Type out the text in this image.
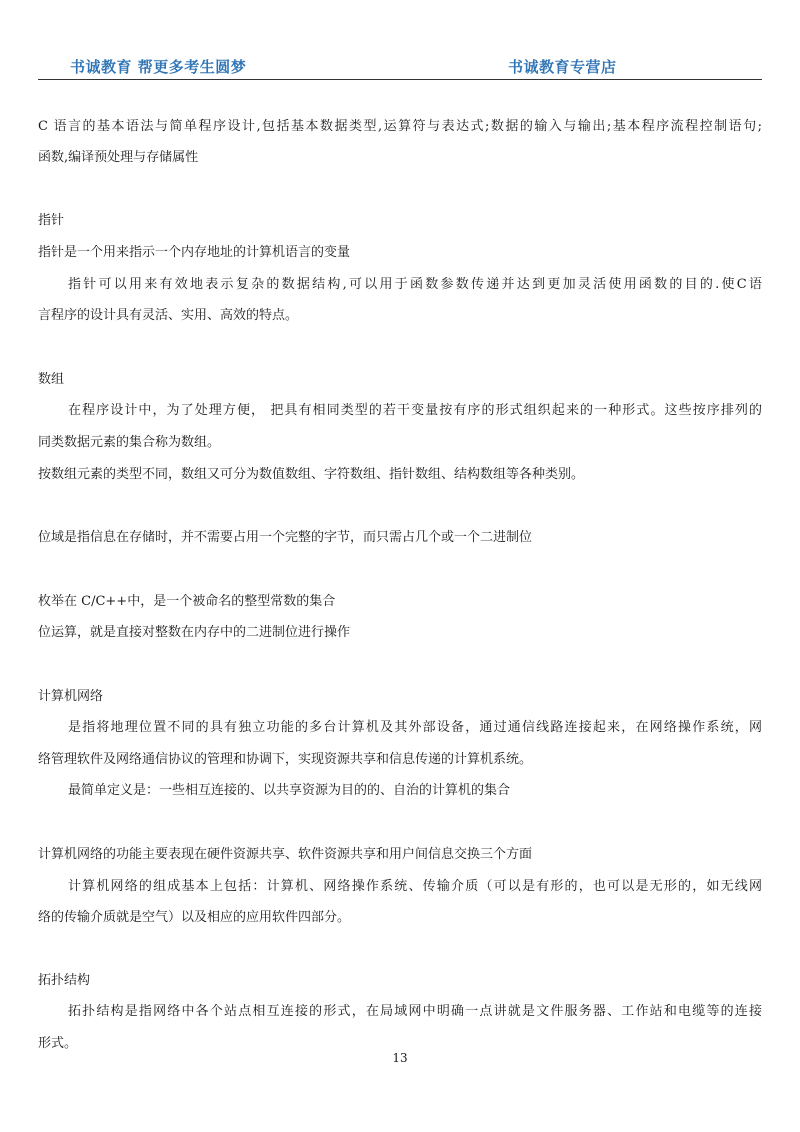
书诚教育 帮更多考生圆梦	书诚教育专营店
C 语言的基本语法与简单程序设计,包括基本数据类型,运算符与表达式;数据的输入与输出;基本程序流程控制语句;
函数,编译预处理与存储属性
指针
指针是一个用来指示一个内存地址的计算机语言的变量
指针可以用来有效地表示复杂的数据结构,可以用于函数参数传递并达到更加灵活使用函数的目的.使C语
言程序的设计具有灵活、实用、高效的特点。
数组
在程序设计中，为了处理方便， 把具有相同类型的若干变量按有序的形式组织起来的一种形式。这些按序排列的
同类数据元素的集合称为数组。
按数组元素的类型不同，数组又可分为数值数组、字符数组、指针数组、结构数组等各种类别。
位域是指信息在存储时，并不需要占用一个完整的字节，而只需占几个或一个二进制位
枚举在 C/C++中，是一个被命名的整型常数的集合
位运算，就是直接对整数在内存中的二进制位进行操作
计算机网络
是指将地理位置不同的具有独立功能的多台计算机及其外部设备，通过通信线路连接起来，在网络操作系统，网
络管理软件及网络通信协议的管理和协调下，实现资源共享和信息传递的计算机系统。
最简单定义是：一些相互连接的、以共享资源为目的的、自治的计算机的集合
计算机网络的功能主要表现在硬件资源共享、软件资源共享和用户间信息交换三个方面
计算机网络的组成基本上包括：计算机、网络操作系统、传输介质（可以是有形的，也可以是无形的，如无线网
络的传输介质就是空气）以及相应的应用软件四部分。
拓扑结构
拓扑结构是指网络中各个站点相互连接的形式，在局域网中明确一点讲就是文件服务器、工作站和电缆等的连接
形式。
13
